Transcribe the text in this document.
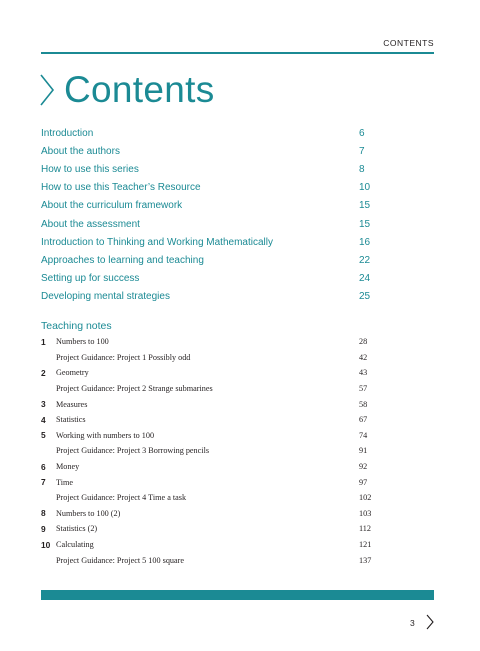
CONTENTS
Contents
Introduction	6
About the authors	7
How to use this series	8
How to use this Teacher’s Resource	10
About the curriculum framework	15
About the assessment	15
Introduction to Thinking and Working Mathematically	16
Approaches to learning and teaching	22
Setting up for success	24
Developing mental strategies	25
Teaching notes
1	Numbers to 100	28
Project Guidance: Project 1 Possibly odd	42
2	Geometry	43
Project Guidance: Project 2 Strange submarines	57
3	Measures	58
4	Statistics	67
5	Working with numbers to 100	74
Project Guidance: Project 3 Borrowing pencils	91
6	Money	92
7	Time	97
Project Guidance: Project 4 Time a task	102
8	Numbers to 100 (2)	103
9	Statistics (2)	112
10 Calculating	121
Project Guidance: Project 5 100 square	137
3
